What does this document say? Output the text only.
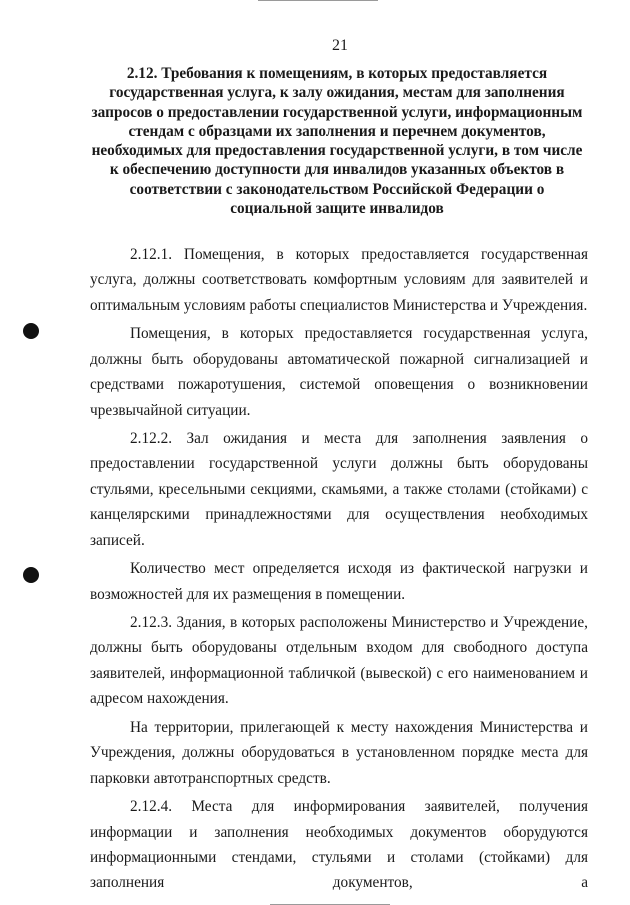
21

2.12. Требования к помещениям, в которых предоставляется государственная услуга, к залу ожидания, местам для заполнения запросов о предоставлении государственной услуги, информационным стендам с образцами их заполнения и перечнем документов, необходимых для предоставления государственной услуги, в том числе к обеспечению доступности для инвалидов указанных объектов в соответствии с законодательством Российской Федерации о социальной защите инвалидов

2.12.1. Помещения, в которых предоставляется государственная услуга, должны соответствовать комфортным условиям для заявителей и оптимальным условиям работы специалистов Министерства и Учреждения.

Помещения, в которых предоставляется государственная услуга, должны быть оборудованы автоматической пожарной сигнализацией и средствами пожаротушения, системой оповещения о возникновении чрезвычайной ситуации.

2.12.2. Зал ожидания и места для заполнения заявления о предоставлении государственной услуги должны быть оборудованы стульями, кресельными секциями, скамьями, а также столами (стойками) с канцелярскими принадлежностями для осуществления необходимых записей.

Количество мест определяется исходя из фактической нагрузки и возможностей для их размещения в помещении.

2.12.3. Здания, в которых расположены Министерство и Учреждение, должны быть оборудованы отдельным входом для свободного доступа заявителей, информационной табличкой (вывеской) с его наименованием и адресом нахождения.

На территории, прилегающей к месту нахождения Министерства и Учреждения, должны оборудоваться в установленном порядке места для парковки автотранспортных средств.

2.12.4. Места для информирования заявителей, получения информации и заполнения необходимых документов оборудуются информационными стендами, стульями и столами (стойками) для заполнения документов, а
